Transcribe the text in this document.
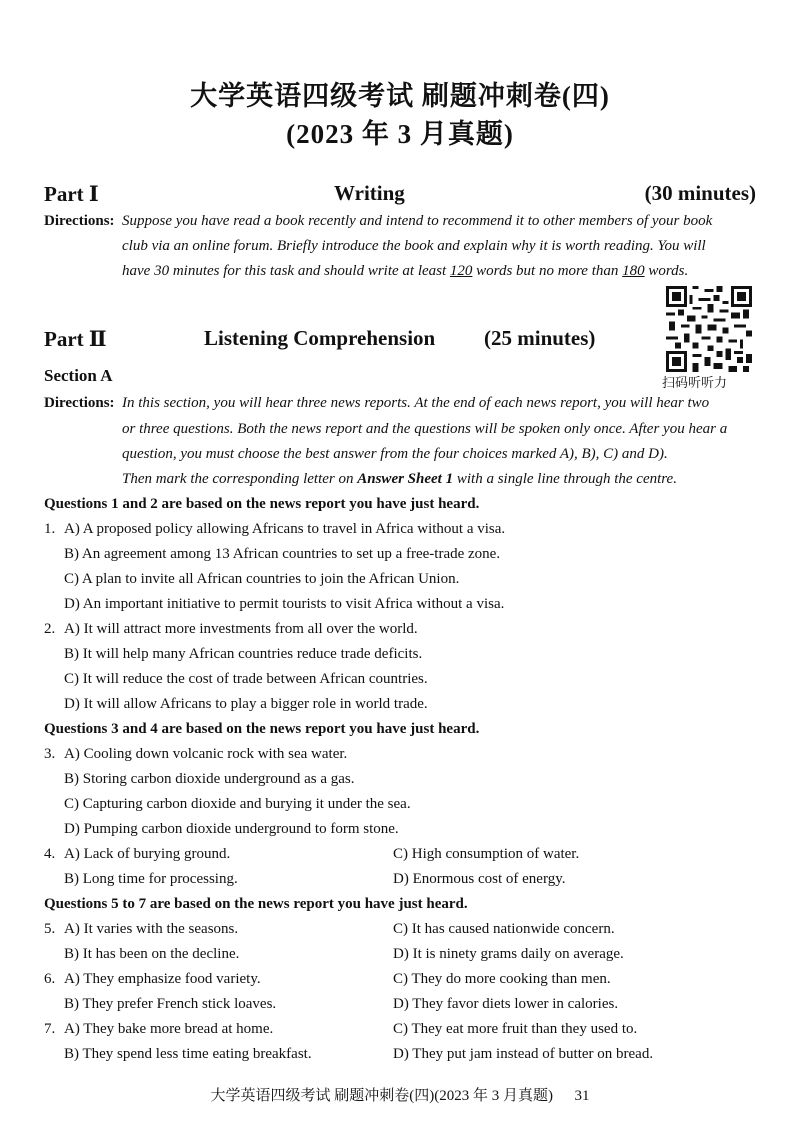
大学英语四级考试 刷题冲刺卷(四)
(2023 年 3 月真题)
Part Ⅰ	Writing	(30 minutes)
Directions: Suppose you have read a book recently and intend to recommend it to other members of your book
club via an online forum. Briefly introduce the book and explain why it is worth reading. You will
have 30 minutes for this task and should write at least 120 words but no more than 180 words.
扫码听听力
Part Ⅱ	Listening Comprehension (25 minutes)
Section A
Directions: In this section, you will hear three news reports. At the end of each news report, you will hear two
or three questions. Both the news report and the questions will be spoken only once. After you hear a
question, you must choose the best answer from the four choices marked A), B), C) and D).
Then mark the corresponding letter on Answer Sheet 1 with a single line through the centre.
Questions 1 and 2 are based on the news report you have just heard.
1. A) A proposed policy allowing Africans to travel in Africa without a visa.
B) An agreement among 13 African countries to set up a free-trade zone.
C) A plan to invite all African countries to join the African Union.
D) An important initiative to permit tourists to visit Africa without a visa.
2. A) It will attract more investments from all over the world.
B) It will help many African countries reduce trade deficits.
C) It will reduce the cost of trade between African countries.
D) It will allow Africans to play a bigger role in world trade.
Questions 3 and 4 are based on the news report you have just heard.
3. A) Cooling down volcanic rock with sea water.
B) Storing carbon dioxide underground as a gas.
C) Capturing carbon dioxide and burying it under the sea.
D) Pumping carbon dioxide underground to form stone.
4. A) Lack of burying ground.	C) High consumption of water.
B) Long time for processing.	D) Enormous cost of energy.
Questions 5 to 7 are based on the news report you have just heard.
5. A) It varies with the seasons.	C) It has caused nationwide concern.
B) It has been on the decline.	D) It is ninety grams daily on average.
6. A) They emphasize food variety.	C) They do more cooking than men.
B) They prefer French stick loaves.	D) They favor diets lower in calories.
7. A) They bake more bread at home.	C) They eat more fruit than they used to.
B) They spend less time eating breakfast.	D) They put jam instead of butter on bread.
大学英语四级考试 刷题冲刺卷(四)(2023 年 3 月真题) 31
